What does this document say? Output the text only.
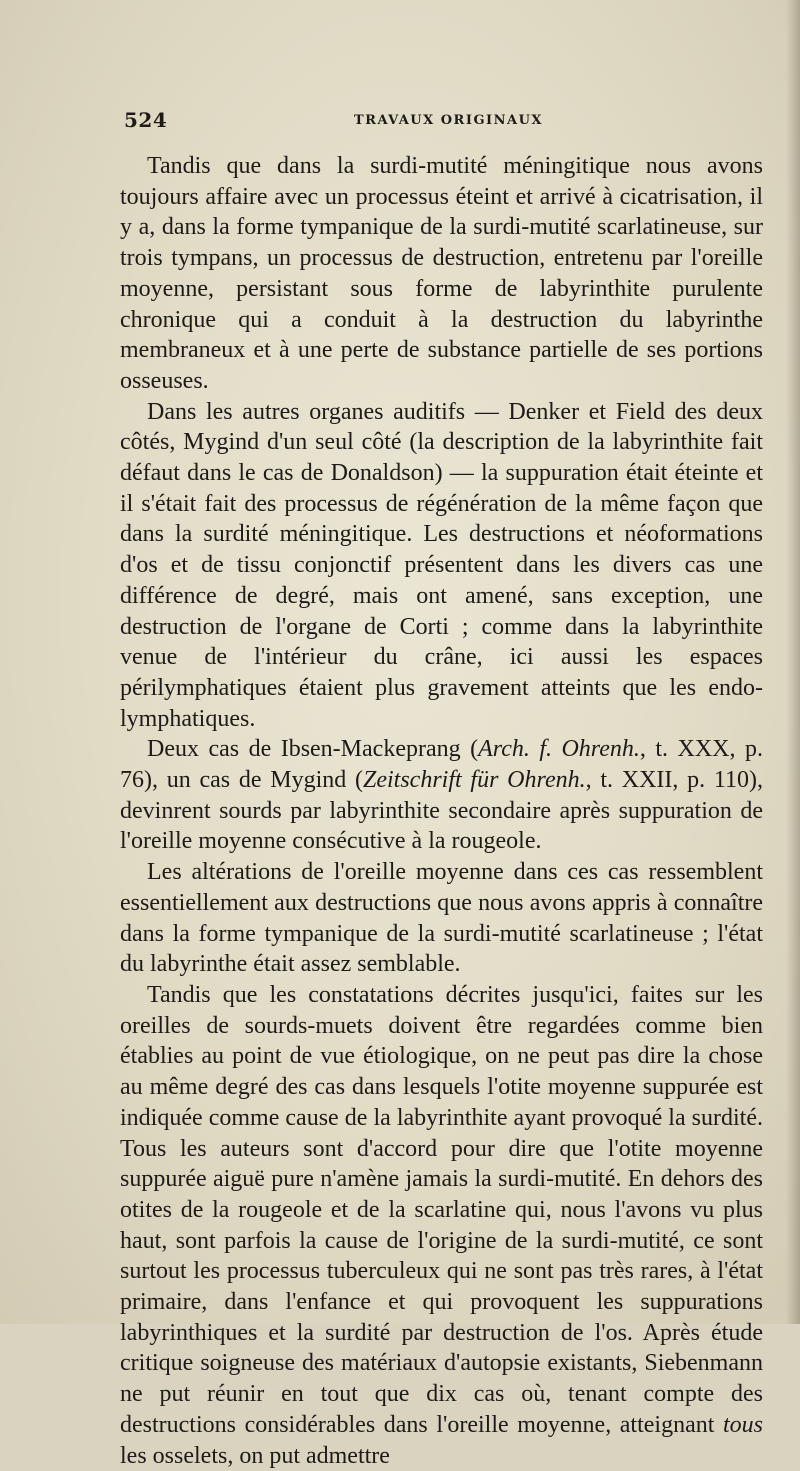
524	TRAVAUX ORIGINAUX

Tandis que dans la surdi-mutité méningitique nous avons toujours affaire avec un processus éteint et arrivé à cicatrisation, il y a, dans la forme tympanique de la surdi-mutité scarlatineuse, sur trois tympans, un processus de destruction, entretenu par l'oreille moyenne, persistant sous forme de labyrinthite purulente chronique qui a conduit à la destruction du labyrinthe membraneux et à une perte de substance partielle de ses portions osseuses.

Dans les autres organes auditifs — Denker et Field des deux côtés, Mygind d'un seul côté (la description de la labyrinthite fait défaut dans le cas de Donaldson) — la suppuration était éteinte et il s'était fait des processus de régénération de la même façon que dans la surdité méningitique. Les destructions et néoformations d'os et de tissu conjonctif présentent dans les divers cas une différence de degré, mais ont amené, sans exception, une destruction de l'organe de Corti ; comme dans la labyrinthite venue de l'intérieur du crâne, ici aussi les espaces périlymphatiques étaient plus gravement atteints que les endo-lymphatiques.

Deux cas de Ibsen-Mackeprang (Arch. f. Ohrenh., t. XXX, p. 76), un cas de Mygind (Zeitschrift für Ohrenh., t. XXII, p. 110), devinrent sourds par labyrinthite secondaire après suppuration de l'oreille moyenne consécutive à la rougeole.

Les altérations de l'oreille moyenne dans ces cas ressemblent essentiellement aux destructions que nous avons appris à connaître dans la forme tympanique de la surdi-mutité scarlatineuse ; l'état du labyrinthe était assez semblable.

Tandis que les constatations décrites jusqu'ici, faites sur les oreilles de sourds-muets doivent être regardées comme bien établies au point de vue étiologique, on ne peut pas dire la chose au même degré des cas dans lesquels l'otite moyenne suppurée est indiquée comme cause de la labyrinthite ayant provoqué la surdité. Tous les auteurs sont d'accord pour dire que l'otite moyenne suppurée aiguë pure n'amène jamais la surdi-mutité. En dehors des otites de la rougeole et de la scarlatine qui, nous l'avons vu plus haut, sont parfois la cause de l'origine de la surdi-mutité, ce sont surtout les processus tuberculeux qui ne sont pas très rares, à l'état primaire, dans l'enfance et qui provoquent les suppurations labyrinthiques et la surdité par destruction de l'os. Après étude critique soigneuse des matériaux d'autopsie existants, Siebenmann ne put réunir en tout que dix cas où, tenant compte des destructions considérables dans l'oreille moyenne, atteignant tous les osselets, on put admettre
